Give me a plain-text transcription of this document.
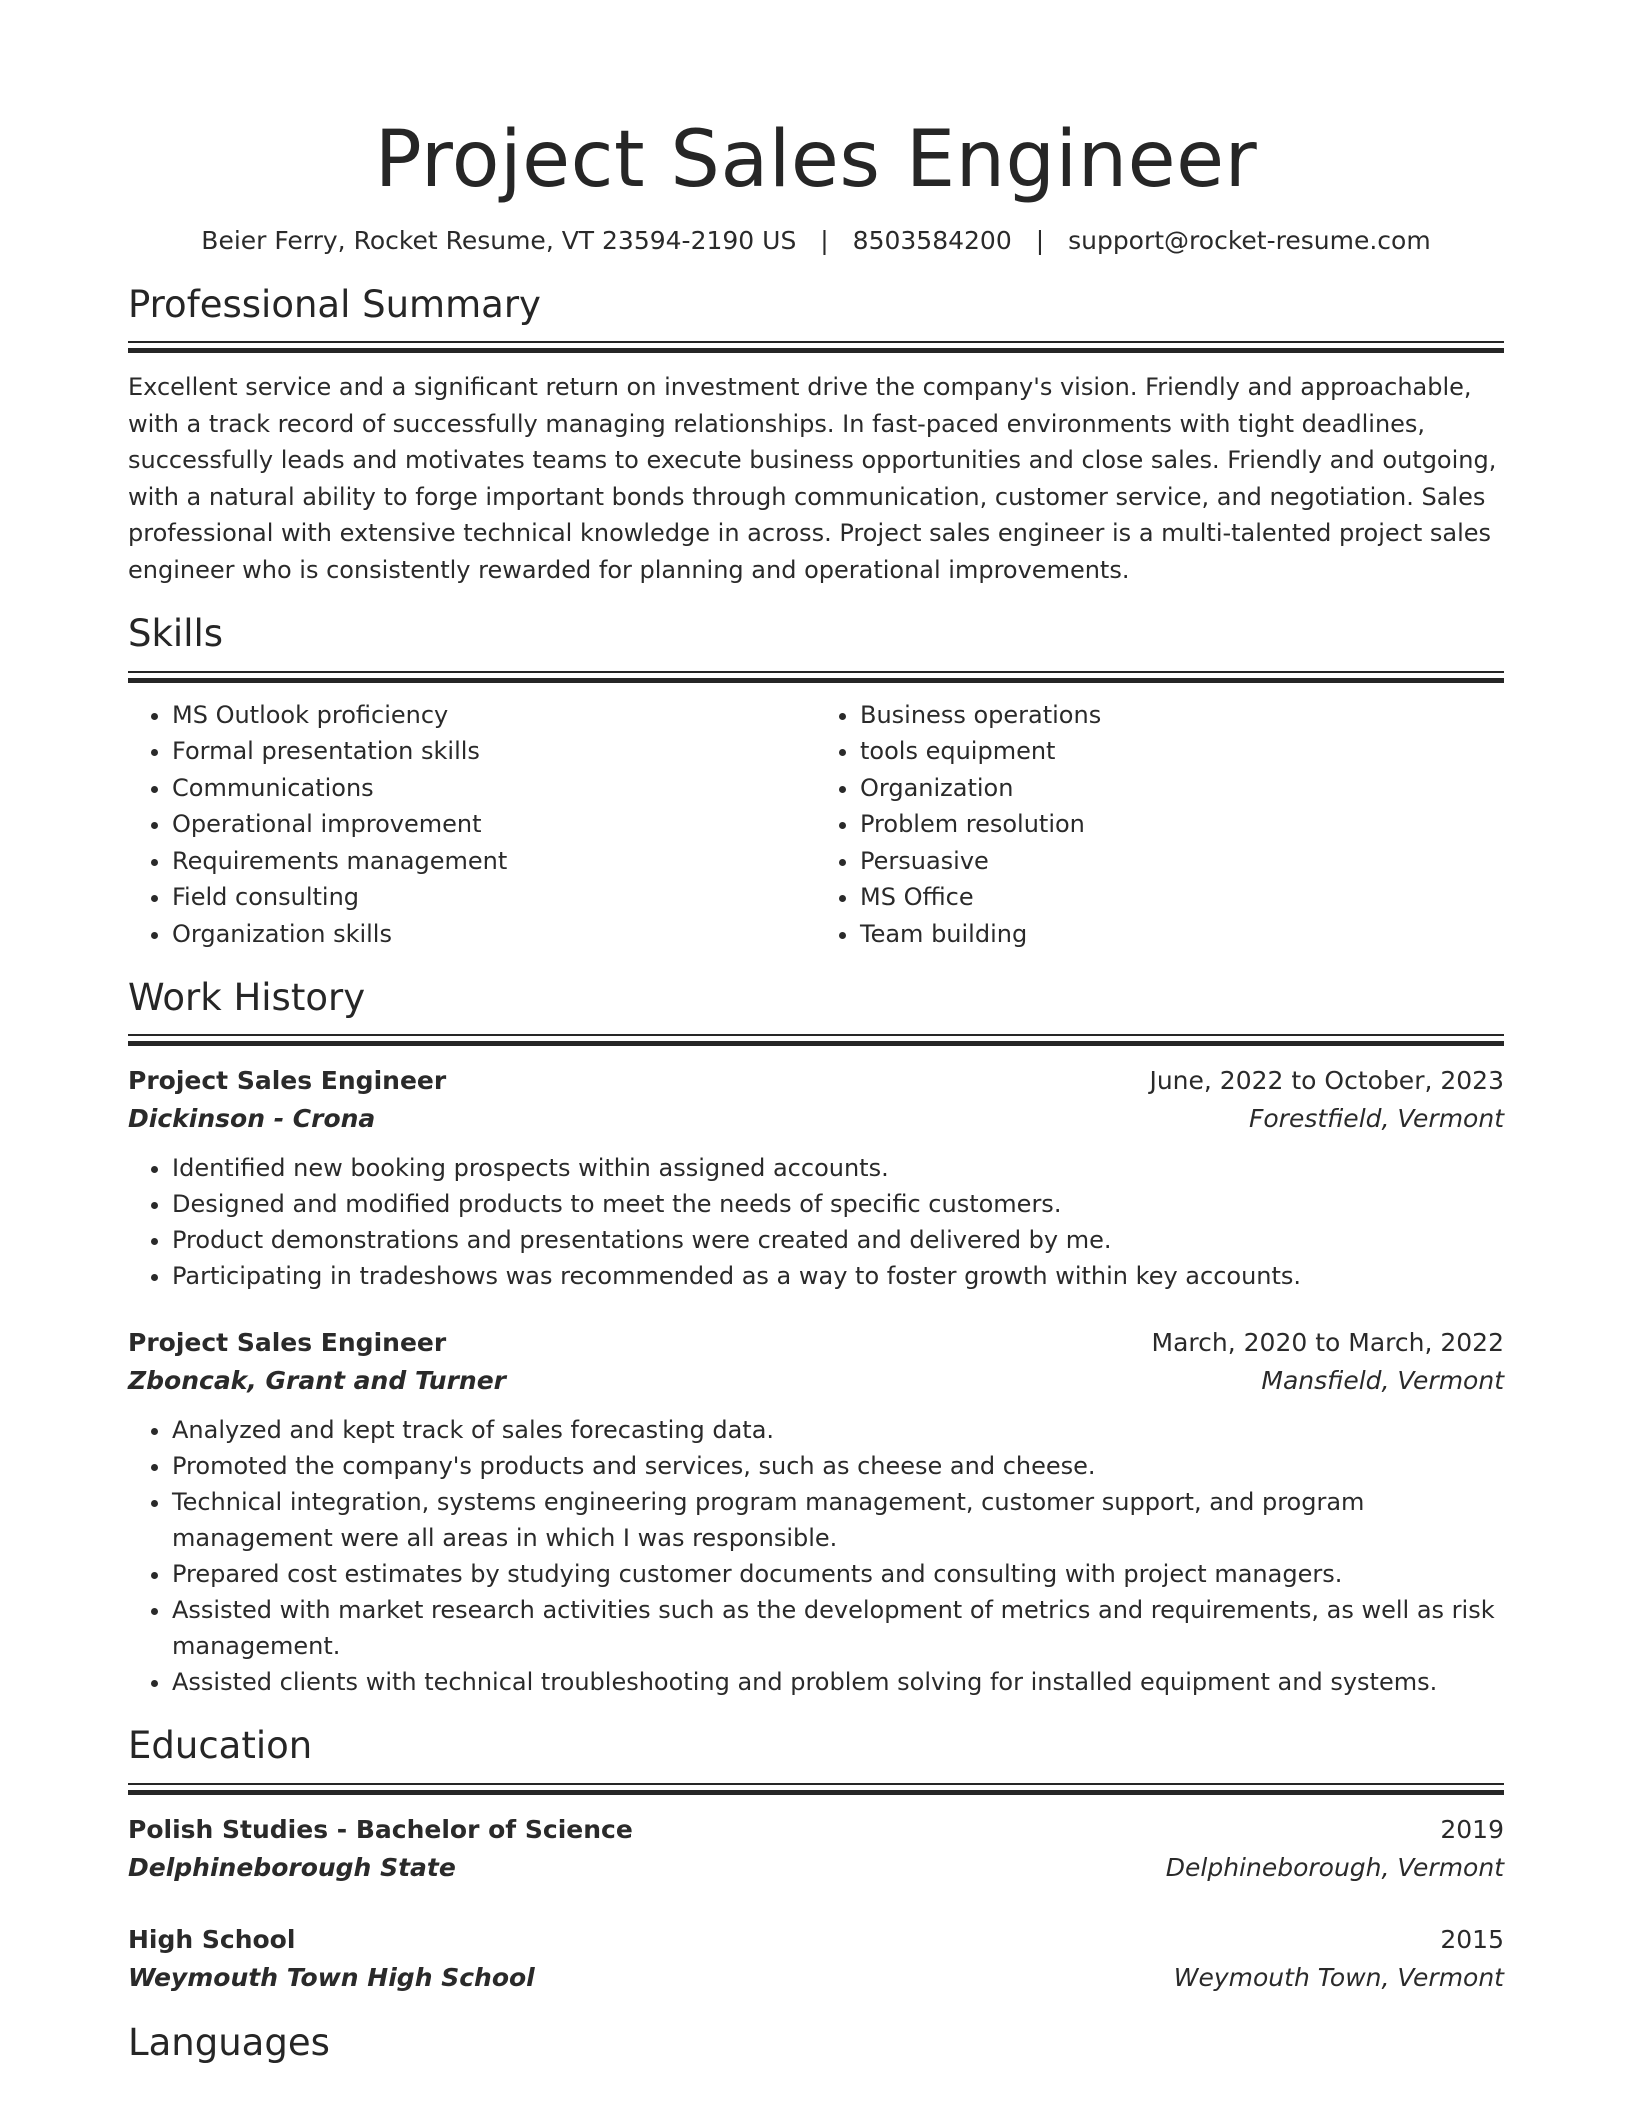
Project Sales Engineer
Beier Ferry, Rocket Resume, VT 23594-2190 US | 8503584200 | support@rocket-resume.com
Professional Summary

Excellent service and a significant return on investment drive the company's vision. Friendly and approachable, with a track record of successfully managing relationships. In fast-paced environments with tight deadlines, successfully leads and motivates teams to execute business opportunities and close sales. Friendly and outgoing, with a natural ability to forge important bonds through communication, customer service, and negotiation. Sales professional with extensive technical knowledge in across. Project sales engineer is a multi-talented project sales engineer who is consistently rewarded for planning and operational improvements.

Skills
• MS Outlook proficiency
• Formal presentation skills
• Communications
• Operational improvement
• Requirements management
• Field consulting
• Organization skills
• Business operations
• tools equipment
• Organization
• Problem resolution
• Persuasive
• MS Office
• Team building
Work History
Project Sales Engineer	June, 2022 to October, 2023
Dickinson - Crona	Forestfield, Vermont
• Identified new booking prospects within assigned accounts.
• Designed and modified products to meet the needs of specific customers.
• Product demonstrations and presentations were created and delivered by me.
• Participating in tradeshows was recommended as a way to foster growth within key accounts.
Project Sales Engineer	March, 2020 to March, 2022
Zboncak, Grant and Turner	Mansfield, Vermont
• Analyzed and kept track of sales forecasting data.
• Promoted the company's products and services, such as cheese and cheese.
• Technical integration, systems engineering program management, customer support, and program management were all areas in which I was responsible.
• Prepared cost estimates by studying customer documents and consulting with project managers.
• Assisted with market research activities such as the development of metrics and requirements, as well as risk management.
• Assisted clients with technical troubleshooting and problem solving for installed equipment and systems.
Education
Polish Studies - Bachelor of Science	2019
Delphineborough State	Delphineborough, Vermont
High School	2015
Weymouth Town High School	Weymouth Town, Vermont
Languages
